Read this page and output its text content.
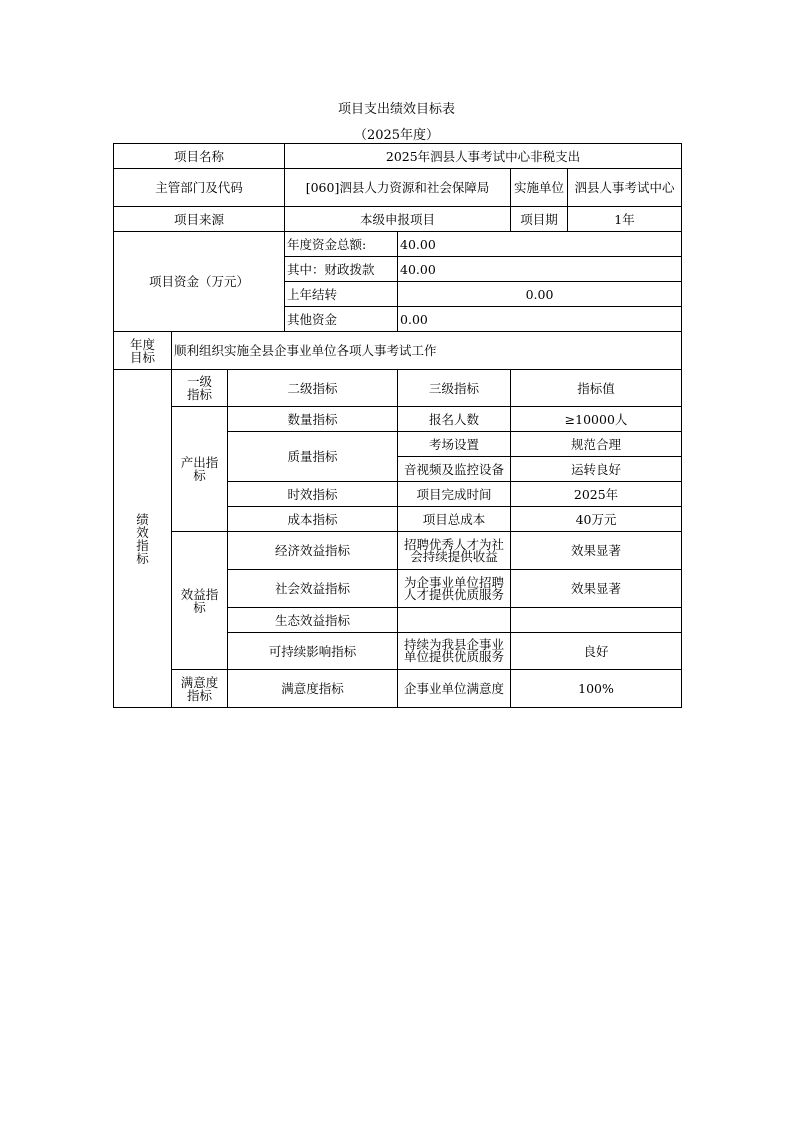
项目支出绩效目标表
（2025年度）
项目名称			2025年泗县人事考试中心非税支出			
主管部门及代码			[060]泗县人力资源和社会保障局		实施单位	泗县人事考试中心
项目来源			本级申报项目		项目期	1年
项目资金（万元）			年度资金总额:	40.00		
			其中：财政拨款	40.00		
			上年结转	0.00		
			其他资金	0.00		
年度目标	顺利组织实施全县企事业单位各项人事考试工作					
绩效指标	一级指标	二级指标		三级指标	指标值	
	产出指标	数量指标		报名人数	≥10000人	
		质量指标		考场设置	规范合理	
				音视频及监控设备	运转良好	
		时效指标		项目完成时间	2025年	
		成本指标		项目总成本	40万元	
	效益指标	经济效益指标		招聘优秀人才为社会持续提供收益	效果显著	
		社会效益指标		为企事业单位招聘人才提供优质服务	效果显著	
		生态效益指标				
		可持续影响指标		持续为我县企事业单位提供优质服务	良好	
	满意度指标	满意度指标		企事业单位满意度	100%	
